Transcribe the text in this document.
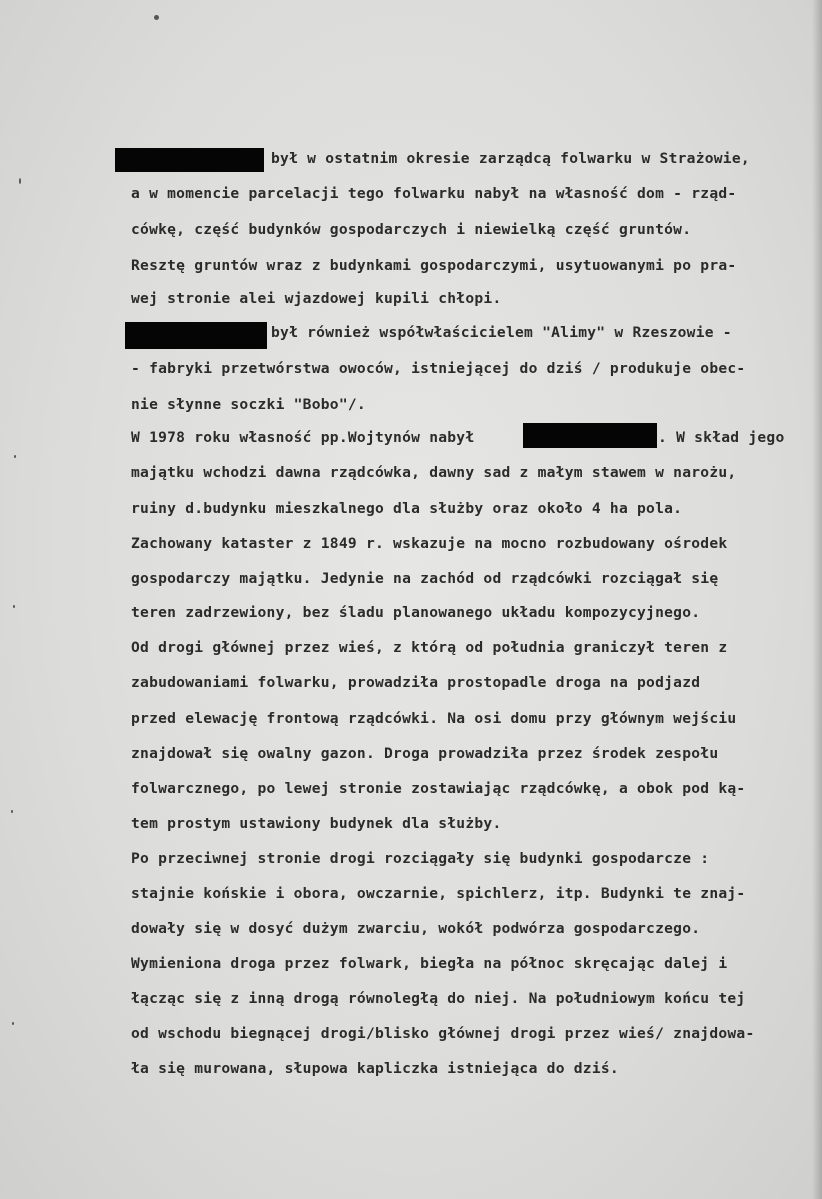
był w ostatnim okresie zarządcą folwarku w Strażowie,
a w momencie parcelacji tego folwarku nabył na własność dom - rząd-
cówkę, część budynków gospodarczych i niewielką część gruntów.
Resztę gruntów wraz z budynkami gospodarczymi, usytuowanymi po pra-
wej stronie alei wjazdowej kupili chłopi.
był również współwłaścicielem "Alimy" w Rzeszowie -
- fabryki przetwórstwa owoców, istniejącej do dziś / produkuje obec-
nie słynne soczki "Bobo"/.
W 1978 roku własność pp.Wojtynów nabył	. W skład jego
majątku wchodzi dawna rządcówka, dawny sad z małym stawem w narożu,
ruiny d.budynku mieszkalnego dla służby oraz około 4 ha pola.
Zachowany kataster z 1849 r. wskazuje na mocno rozbudowany ośrodek
gospodarczy majątku. Jedynie na zachód od rządcówki rozciągał się
teren zadrzewiony, bez śladu planowanego układu kompozycyjnego.
Od drogi głównej przez wieś, z którą od południa graniczył teren z
zabudowaniami folwarku, prowadziła prostopadle droga na podjazd
przed elewację frontową rządcówki. Na osi domu przy głównym wejściu
znajdował się owalny gazon. Droga prowadziła przez środek zespołu
folwarcznego, po lewej stronie zostawiając rządcówkę, a obok pod ką-
tem prostym ustawiony budynek dla służby.
Po przeciwnej stronie drogi rozciągały się budynki gospodarcze :
stajnie końskie i obora, owczarnie, spichlerz, itp. Budynki te znaj-
dowały się w dosyć dużym zwarciu, wokół podwórza gospodarczego.
Wymieniona droga przez folwark, biegła na północ skręcając dalej i
łącząc się z inną drogą równoległą do niej. Na południowym końcu tej
od wschodu biegnącej drogi/blisko głównej drogi przez wieś/ znajdowa-
ła się murowana, słupowa kapliczka istniejąca do dziś.
